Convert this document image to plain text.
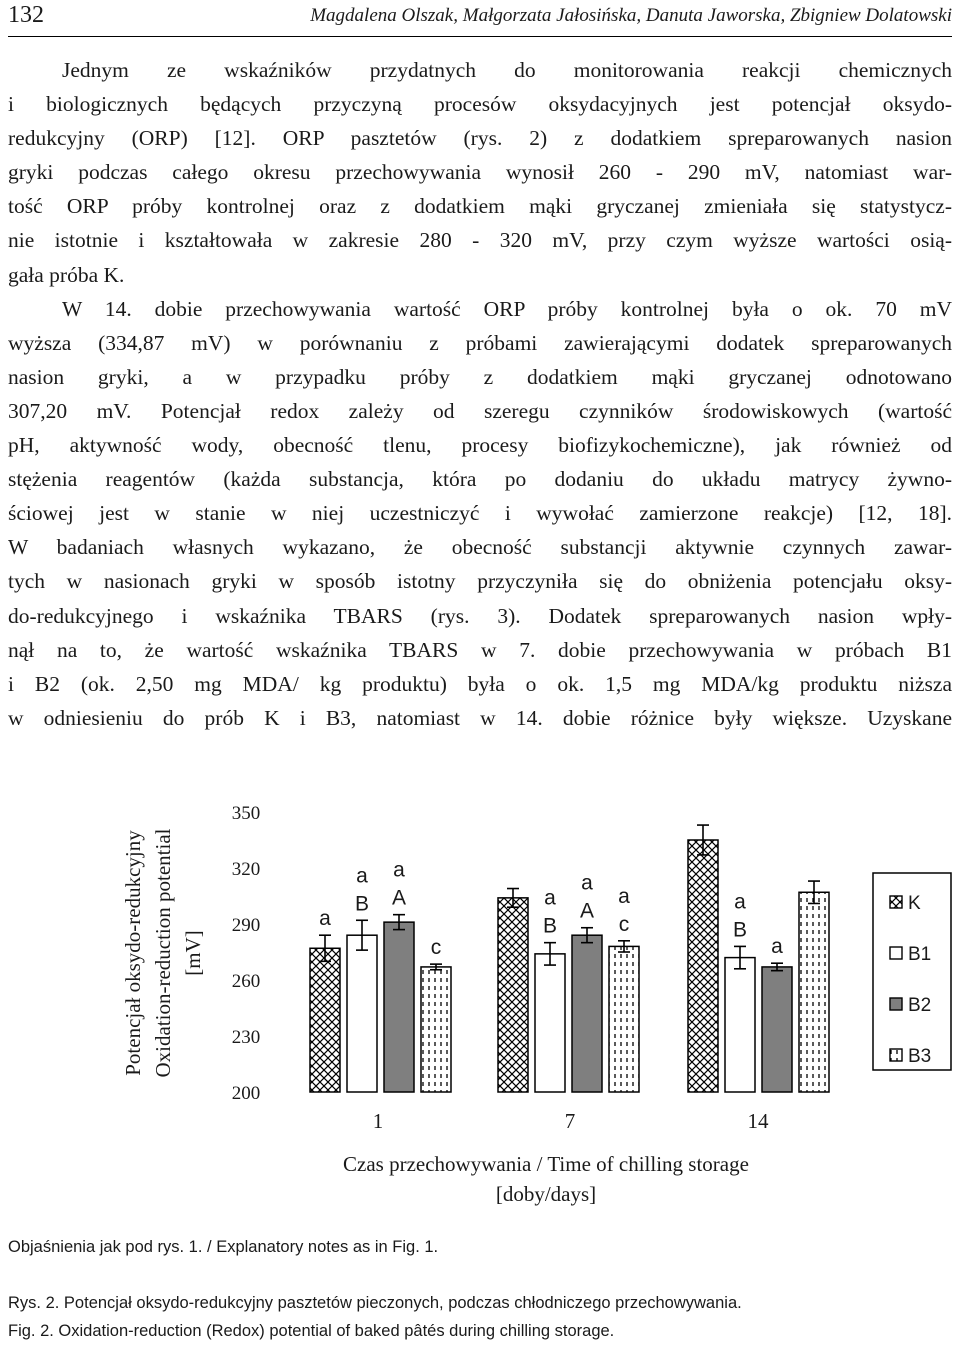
132	Magdalena Olszak, Małgorzata Jałosińska, Danuta Jaworska, Zbigniew Dolatowski

Jednym ze wskaźników przydatnych do monitorowania reakcji chemicznych

i biologicznych będących przyczyną procesów oksydacyjnych jest potencjał oksydo-

redukcyjny (ORP) [12]. ORP pasztetów (rys. 2) z dodatkiem spreparowanych nasion

gryki podczas całego okresu przechowywania wynosił 260 - 290 mV, natomiast war-

tość ORP próby kontrolnej oraz z dodatkiem mąki gryczanej zmieniała się statystycz-

nie istotnie i kształtowała w zakresie 280 - 320 mV, przy czym wyższe wartości osią-

gała próba K.

W 14. dobie przechowywania wartość ORP próby kontrolnej była o ok. 70 mV

wyższa (334,87 mV) w porównaniu z próbami zawierającymi dodatek spreparowanych

nasion gryki, a w przypadku próby z dodatkiem mąki gryczanej odnotowano

307,20 mV. Potencjał redox zależy od szeregu czynników środowiskowych (wartość

pH, aktywność wody, obecność tlenu, procesy biofizykochemiczne), jak również od

stężenia reagentów (każda substancja, która po dodaniu do układu matrycy żywno-

ściowej jest w stanie w niej uczestniczyć i wywołać zamierzone reakcje) [12, 18].

W badaniach własnych wykazano, że obecność substancji aktywnie czynnych zawar-

tych w nasionach gryki w sposób istotny przyczyniła się do obniżenia potencjału oksy-

do-redukcyjnego i wskaźnika TBARS (rys. 3). Dodatek spreparowanych nasion wpły-

nął na to, że wartość wskaźnika TBARS w 7. dobie przechowywania w próbach B1

i B2 (ok. 2,50 mg MDA/ kg produktu) była o ok. 1,5 mg MDA/kg produktu niższa

w odniesieniu do prób K i B3, natomiast w 14. dobie różnice były większe. Uzyskane

200
230
260
290
320
350
Potencjał oksydo-redukcyjny Oxidation-reduction potential [mV]
a
a
B	a
B
a
B
a
A
a
A
a
c
a
c
1	7	14
Czas przechowywania / Time of chilling storage
[doby/days]
K
B1
B2
B3
Objaśnienia jak pod rys. 1. / Explanatory notes as in Fig. 1.
Rys. 2. Potencjał oksydo-redukcyjny pasztetów pieczonych, podczas chłodniczego przechowywania.
Fig. 2. Oxidation-reduction (Redox) potential of baked pâtés during chilling storage.
